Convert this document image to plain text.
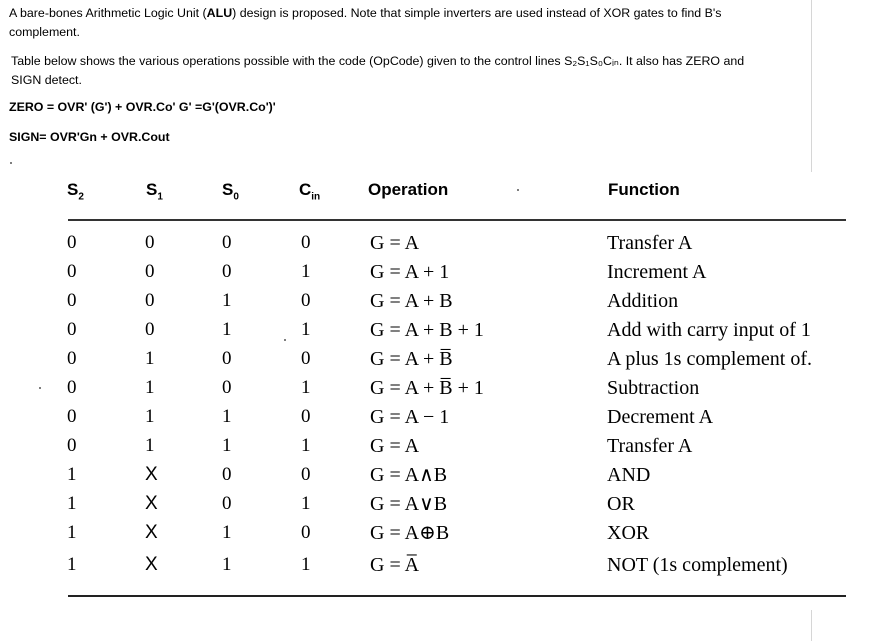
A bare-bones Arithmetic Logic Unit (ALU) design is proposed. Note that simple inverters are used instead of XOR gates to find B's
complement.

Table below shows the various operations possible with the code (OpCode) given to the control lines S₂S₁S₀Cᵢₙ. It also has ZERO and
SIGN detect.

ZERO = OVR' (G') + OVR.Co' G' =G'(OVR.Co')'

SIGN= OVR'Gn + OVR.Cout

$S_2$	$S_1$	$S_0$	$C_{in}$	Operation	Function
0	0	0	0	G = A	Transfer A
0	0	0	1	G = A + 1	Increment A
0	0	1	0	G = A + B	Addition
0	0	1	1	G = A + B + 1	Add with carry input of 1
0	1	0	0	G = A + B̅	A plus 1s complement of.
0	1	0	1	G = A + B̅ + 1	Subtraction
0	1	1	0	G = A − 1	Decrement A
0	1	1	1	G = A	Transfer A
1	X	0	0	G = A∧B	AND
1	X	0	1	G = A∨B	OR
1	X	1	0	G = A⊕B	XOR
1	X	1	1	G = A̅	NOT (1s complement)
